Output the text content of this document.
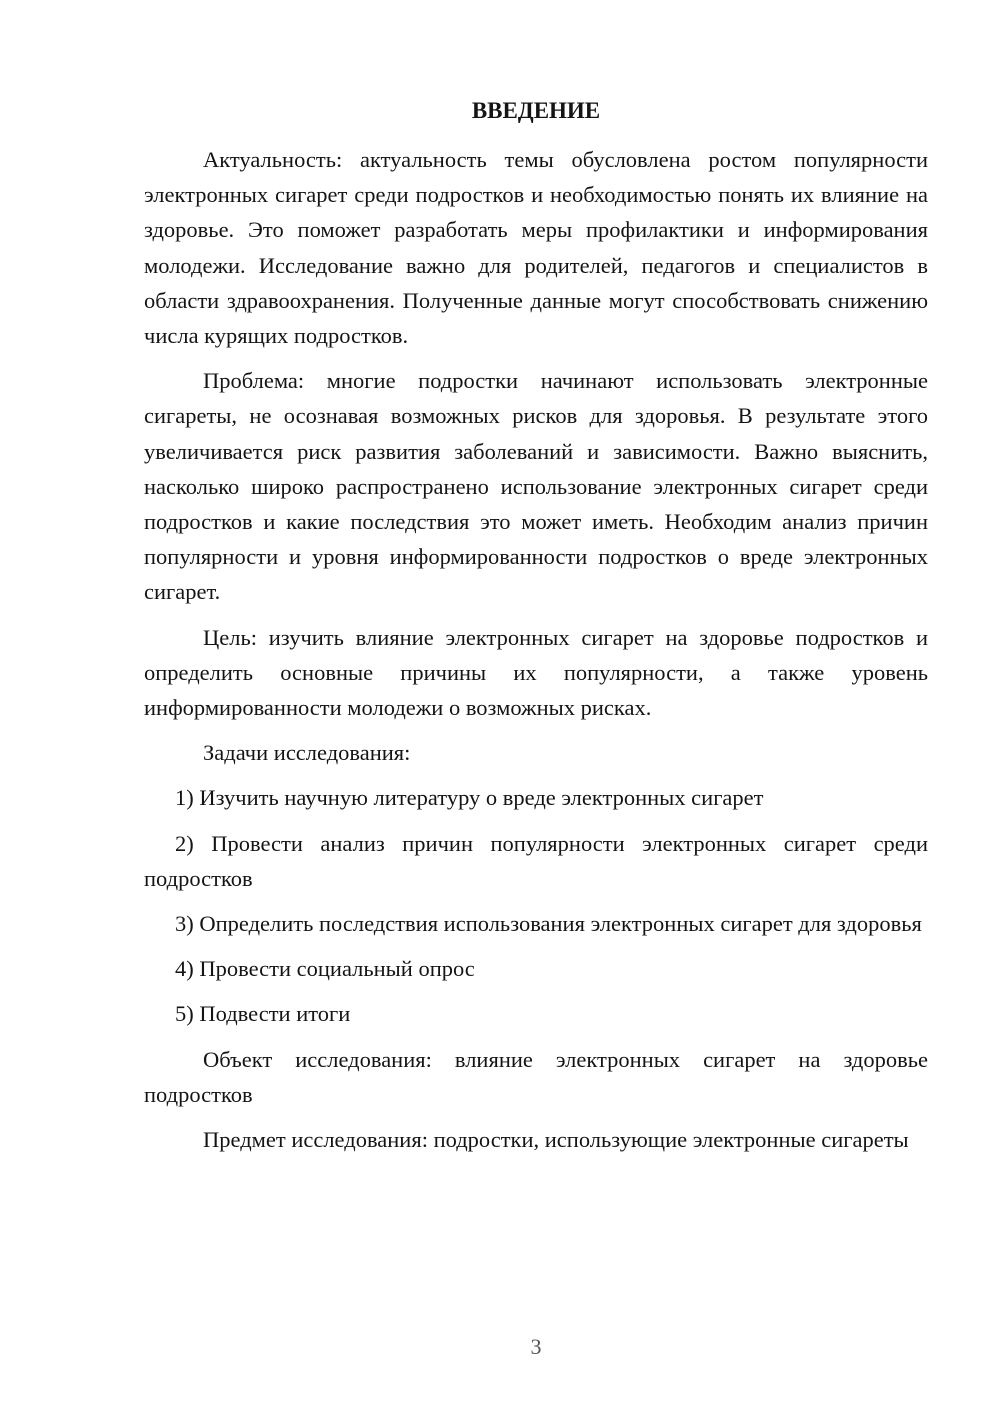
ВВЕДЕНИЕ

Актуальность: актуальность темы обусловлена ростом популярности электронных сигарет среди подростков и необходимостью понять их влияние на здоровье. Это поможет разработать меры профилактики и информирования молодежи. Исследование важно для родителей, педагогов и специалистов в области здравоохранения. Полученные данные могут способствовать снижению числа курящих подростков.

Проблема: многие подростки начинают использовать электронные сигареты, не осознавая возможных рисков для здоровья. В результате этого увеличивается риск развития заболеваний и зависимости. Важно выяснить, насколько широко распространено использование электронных сигарет среди подростков и какие последствия это может иметь. Необходим анализ причин популярности и уровня информированности подростков о вреде электронных сигарет.

Цель: изучить влияние электронных сигарет на здоровье подростков и определить основные причины их популярности, а также уровень информированности молодежи о возможных рисках.

Задачи исследования:

1) Изучить научную литературу о вреде электронных сигарет

2) Провести анализ причин популярности электронных сигарет среди подростков

3) Определить последствия использования электронных сигарет для здоровья

4) Провести социальный опрос

5) Подвести итоги

Объект исследования: влияние электронных сигарет на здоровье подростков

Предмет исследования: подростки, использующие электронные сигареты

3
